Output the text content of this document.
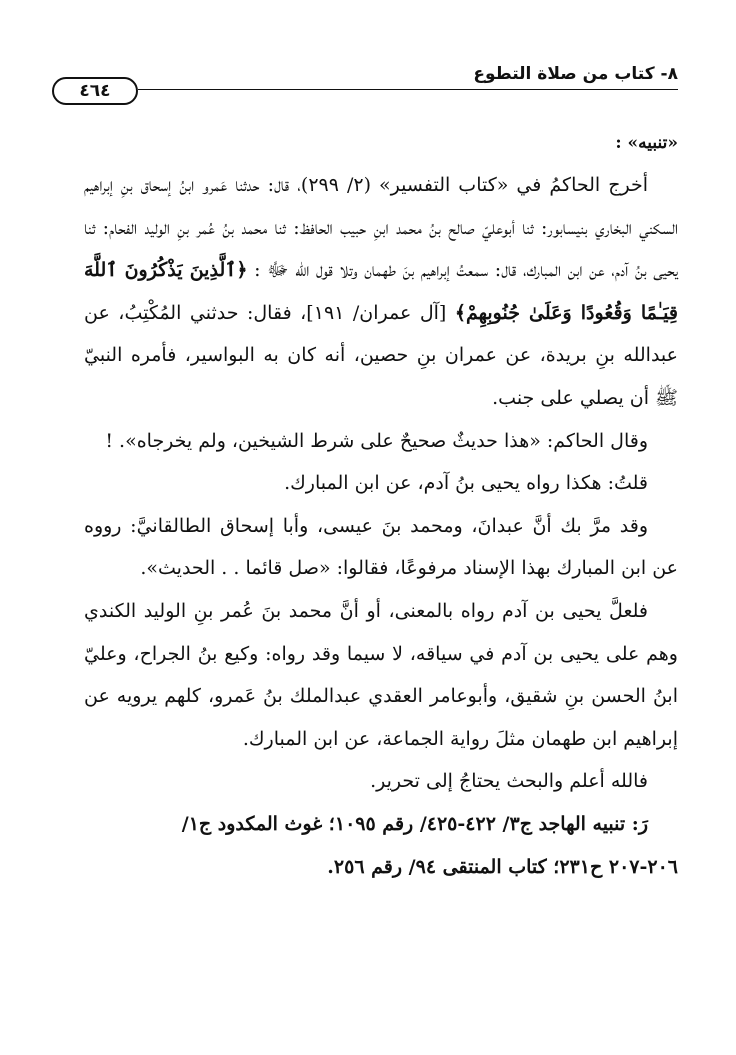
٨- كتاب من صلاة التطوع
٤٦٤

«تنبيه» :

أخرج الحاكمُ في «كتاب التفسير» (٢/ ٢٩٩)، قال: حدثنا عَمرو ابنُ إسحاق بنِ إبراهيم السكني البخاري بنيسابور: ثنا أبوعليّ صالح بنُ محمد ابنِ حبيب الحافظ: ثنا محمد بنُ عُمر بنِ الوليد الفحام: ثنا يحيى بنُ آدم، عن ابن المبارك، قال: سمعتُ إبراهيم بنَ طهمان وتلا قول الله ﷻ : ﴿ٱلَّذِينَ يَذْكُرُونَ ٱللَّهَ قِيَـٰمًا وَقُعُودًا وَعَلَىٰ جُنُوبِهِمْ﴾ [آل عمران/ ١٩١]، فقال: حدثني المُكْتِبُ، عن عبدالله بنِ بريدة، عن عمران بنِ حصين، أنه كان به البواسير، فأمره النبيّ ﷺ أن يصلي على جنب.

وقال الحاكم: «هذا حديثٌ صحيحٌ على شرط الشيخين، ولم يخرجاه». !

قلتُ: هكذا رواه يحيى بنُ آدم، عن ابن المبارك.

وقد مرَّ بك أنَّ عبدانَ، ومحمد بنَ عيسى، وأبا إسحاق الطالقانيَّ: رووه عن ابن المبارك بهذا الإسناد مرفوعًا، فقالوا: «صل قائما . . الحديث».

فلعلَّ يحيى بن آدم رواه بالمعنى، أو أنَّ محمد بنَ عُمر بنِ الوليد الكندي وهم على يحيى بن آدم في سياقه، لا سيما وقد رواه: وكيع بنُ الجراح، وعليّ ابنُ الحسن بنِ شقيق، وأبوعامر العقدي عبدالملك بنُ عَمرو، كلهم يرويه عن إبراهيم ابن طهمان مثلَ رواية الجماعة، عن ابن المبارك.

فالله أعلم والبحث يحتاجُ إلى تحرير.

رَ: تنبيه الهاجد ج٣/ ٤٢٢-٤٢٥/ رقم ١٠٩٥؛ غوث المكدود ج١/

٢٠٦-٢٠٧ ح٢٣١؛ كتاب المنتقى ٩٤/ رقم ٢٥٦.
